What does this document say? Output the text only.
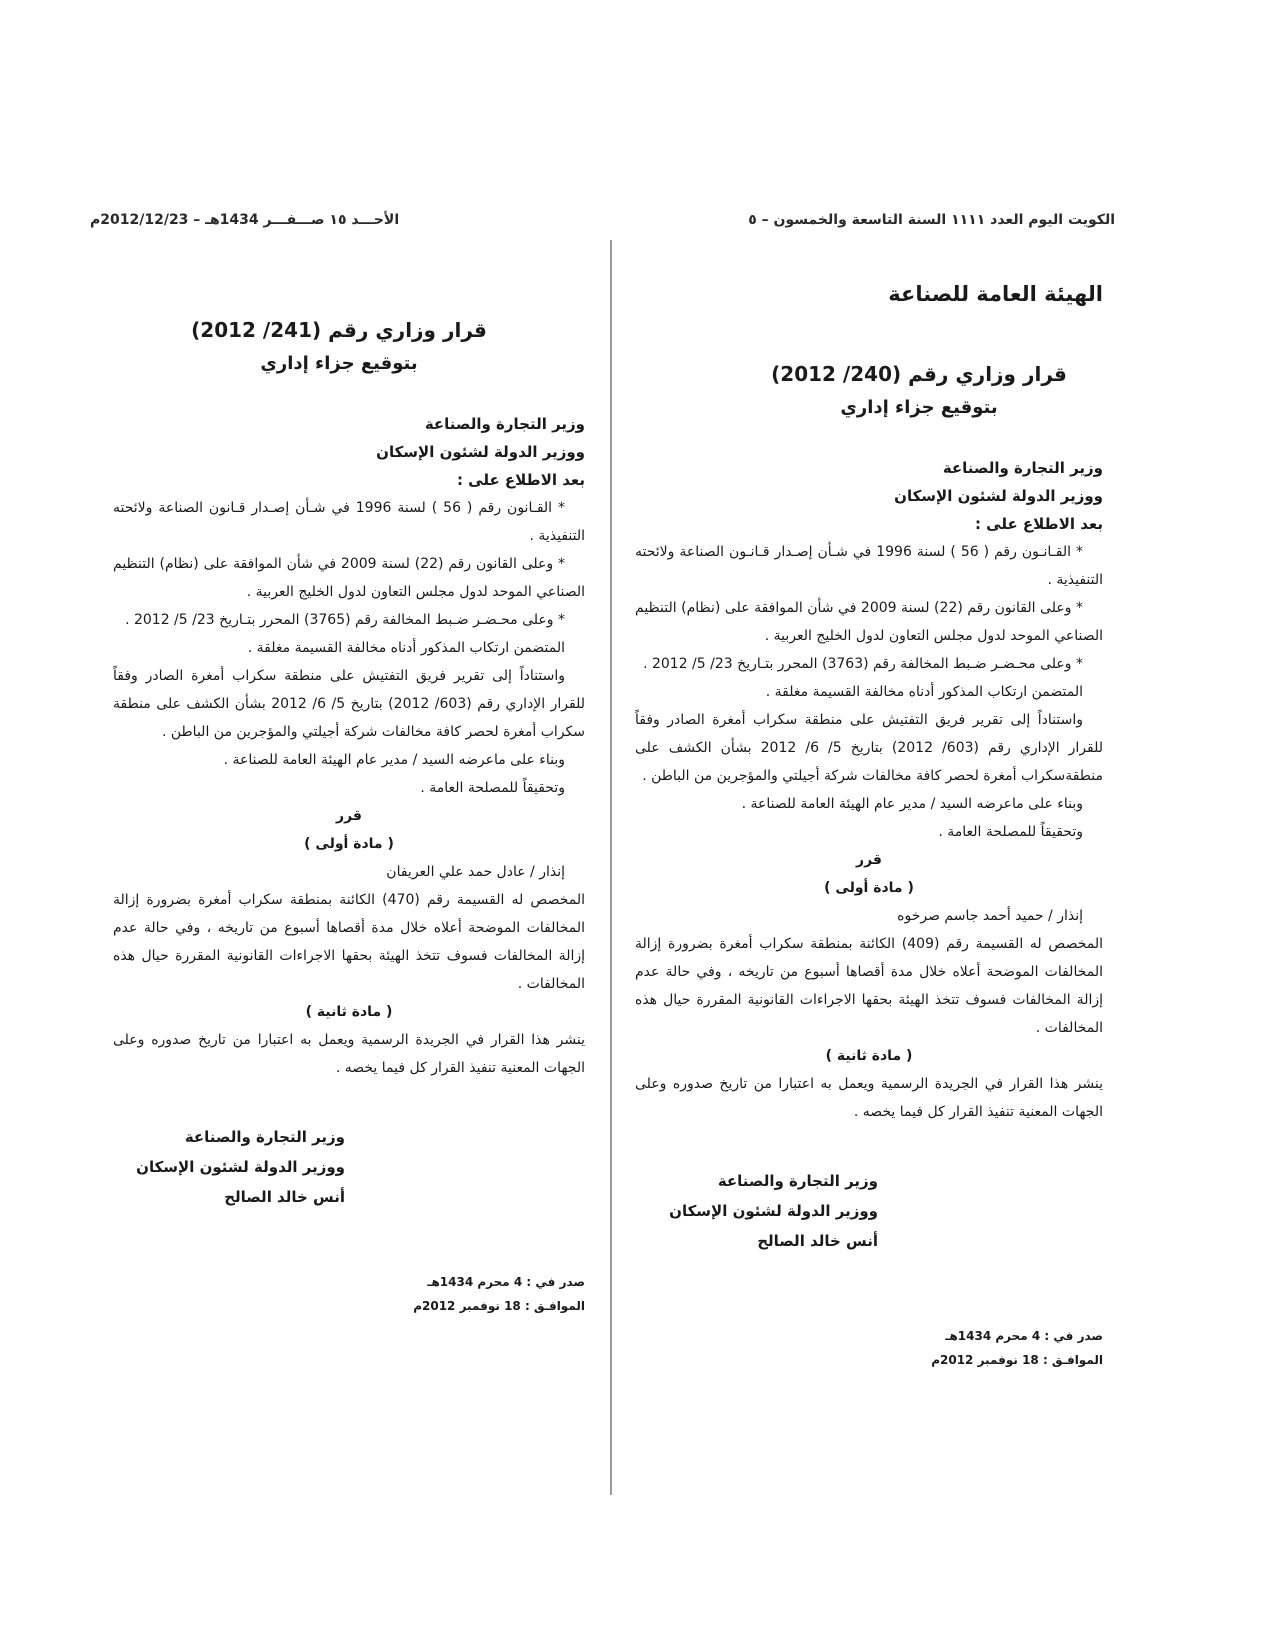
الكويت اليوم العدد ١١١١ السنة التاسعة والخمسون – ٥
الأحـــد ١٥ صـــفـــر 1434هـ – 2012/12/23م
الهيئة العامة للصناعة
قرار وزاري رقم (240/ 2012)
بتوقيع جزاء إداري
وزير التجارة والصناعة
ووزير الدولة لشئون الإسكان
بعد الاطلاع على :

* القـانـون رقم ( 56 ) لسنة 1996 في شـأن إصـدار قـانـون الصناعة ولائحته التنفيذية .

* وعلى القانون رقم (22) لسنة 2009 في شأن الموافقة على (نظام) التنظيم الصناعي الموحد لدول مجلس التعاون لدول الخليج العربية .

* وعلى محـضـر ضـبط المخالفة رقم (3763) المحرر بتـاريخ 23/ 5/ 2012 .

المتضمن ارتكاب المذكور أدناه مخالفة القسيمة مغلقة .

واستناداً إلى تقرير فريق التفتيش على منطقة سكراب أمغرة الصادر وفقاً للقرار الإداري رقم (603/ 2012) بتاريخ 5/ 6/ 2012 بشأن الكشف على منطقةسكراب أمغرة لحصر كافة مخالفات شركة أجيلتي والمؤجرين من الباطن .

وبناء على ماعرضه السيد / مدير عام الهيئة العامة للصناعة .

وتحقيقاً للمصلحة العامة .

قرر
( مادة أولى )

إنذار / حميد أحمد جاسم صرخوه

المخصص له القسيمة رقم (409) الكائنة بمنطقة سكراب أمغرة بضرورة إزالة المخالفات الموضحة أعلاه خلال مدة أقصاها أسبوع من تاريخه ، وفي حالة عدم إزالة المخالفات فسوف تتخذ الهيئة بحقها الاجراءات القانونية المقررة حيال هذه المخالفات .

( مادة ثانية )

ينشر هذا القرار في الجريدة الرسمية ويعمل به اعتبارا من تاريخ صدوره وعلى الجهات المعنية تنفيذ القرار كل فيما يخصه .

وزير التجارة والصناعة
ووزير الدولة لشئون الإسكان
أنس خالد الصالح
صدر في : 4 محرم 1434هـ
الموافـق : 18 نوفمبر 2012م
قرار وزاري رقم (241/ 2012)
بتوقيع جزاء إداري
وزير التجارة والصناعة
ووزير الدولة لشئون الإسكان
بعد الاطلاع على :

* القـانون رقم ( 56 ) لسنة 1996 في شـأن إصـدار قـانون الصناعة ولائحته التنفيذية .

* وعلى القانون رقم (22) لسنة 2009 في شأن الموافقة على (نظام) التنظيم الصناعي الموحد لدول مجلس التعاون لدول الخليج العربية .

* وعلى محـضـر ضـبط المخالفة رقم (3765) المحرر بتـاريخ 23/ 5/ 2012 .

المتضمن ارتكاب المذكور أدناه مخالفة القسيمة مغلقة .

واستناداً إلى تقرير فريق التفتيش على منطقة سكراب أمغرة الصادر وفقاً للقرار الإداري رقم (603/ 2012) بتاريخ 5/ 6/ 2012 بشأن الكشف على منطقة سكراب أمغرة لحصر كافة مخالفات شركة أجيلتي والمؤجرين من الباطن .

وبناء على ماعرضه السيد / مدير عام الهيئة العامة للصناعة .

وتحقيقاً للمصلحة العامة .

قرر
( مادة أولى )

إنذار / عادل حمد علي العريفان

المخصص له القسيمة رقم (470) الكائنة بمنطقة سكراب أمغرة بضرورة إزالة المخالفات الموضحة أعلاه خلال مدة أقصاها أسبوع من تاريخه ، وفي حالة عدم إزالة المخالفات فسوف تتخذ الهيئة بحقها الاجراءات القانونية المقررة حيال هذه المخالفات .

( مادة ثانية )

ينشر هذا القرار في الجريدة الرسمية ويعمل به اعتبارا من تاريخ صدوره وعلى الجهات المعنية تنفيذ القرار كل فيما يخصه .

وزير التجارة والصناعة
ووزير الدولة لشئون الإسكان
أنس خالد الصالح
صدر في : 4 محرم 1434هـ
الموافـق : 18 نوفمبر 2012م
